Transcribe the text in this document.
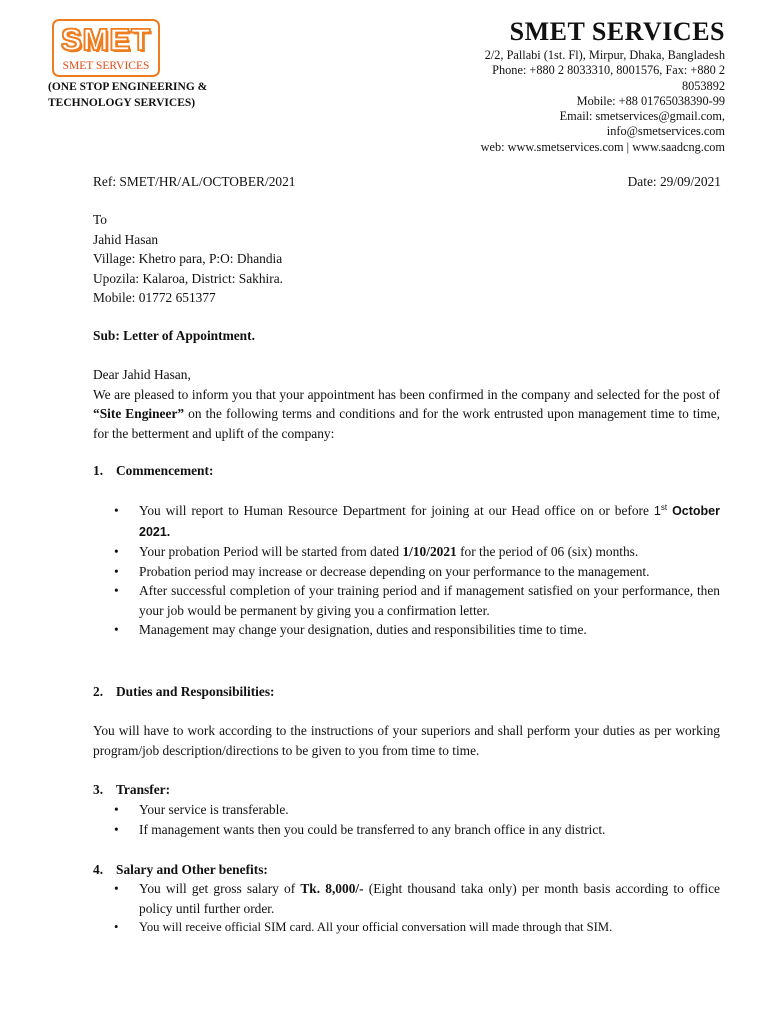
SMET
SMET SERVICES
(ONE STOP ENGINEERING &
TECHNOLOGY SERVICES)
SMET SERVICES
2/2, Pallabi (1st. Fl), Mirpur, Dhaka, Bangladesh
Phone: +880 2 8033310, 8001576, Fax: +880 2
8053892
Mobile: +88 01765038390-99
Email: smetservices@gmail.com,
info@smetservices.com
web: www.smetservices.com | www.saadcng.com
Ref: SMET/HR/AL/OCTOBER/2021	Date: 29/09/2021
To
Jahid Hasan
Village: Khetro para, P:O: Dhandia
Upozila: Kalaroa, District: Sakhira.
Mobile: 01772 651377
Sub: Letter of Appointment.
Dear Jahid Hasan,
We are pleased to inform you that your appointment has been confirmed in the company and selected for the post of “Site Engineer” on the following terms and conditions and for the work entrusted upon management time to time, for the betterment and uplift of the company:
1. Commencement:
• You will report to Human Resource Department for joining at our Head office on or before 1st October 2021.
• Your probation Period will be started from dated 1/10/2021 for the period of 06 (six) months.
• Probation period may increase or decrease depending on your performance to the management.
• After successful completion of your training period and if management satisfied on your performance, then your job would be permanent by giving you a confirmation letter.
• Management may change your designation, duties and responsibilities time to time.
2. Duties and Responsibilities:
You will have to work according to the instructions of your superiors and shall perform your duties as per working program/job description/directions to be given to you from time to time.
3. Transfer:
• Your service is transferable.
• If management wants then you could be transferred to any branch office in any district.
4. Salary and Other benefits:
• You will get gross salary of Tk. 8,000/- (Eight thousand taka only) per month basis according to office policy until further order.
• You will receive official SIM card. All your official conversation will made through that SIM.
